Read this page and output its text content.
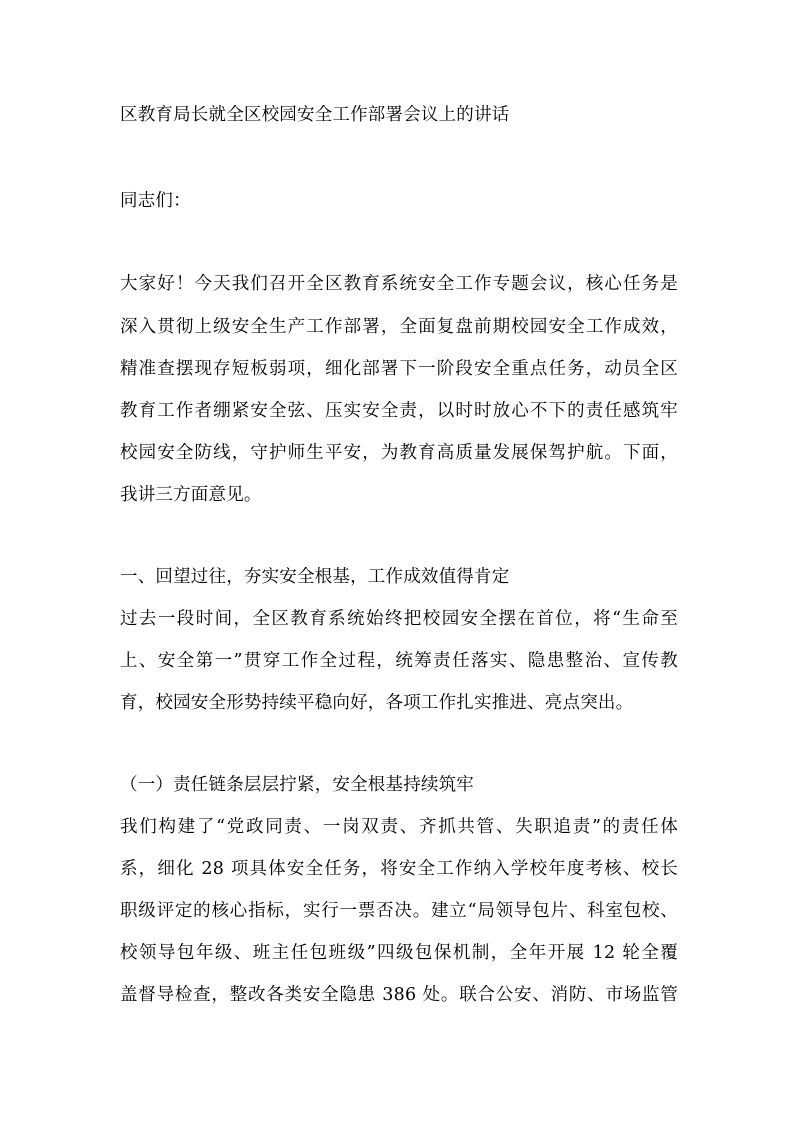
区教育局长就全区校园安全工作部署会议上的讲话

同志们：

大家好！今天我们召开全区教育系统安全工作专题会议，核心任务是

深入贯彻上级安全生产工作部署，全面复盘前期校园安全工作成效，

精准查摆现存短板弱项，细化部署下一阶段安全重点任务，动员全区

教育工作者绷紧安全弦、压实安全责，以时时放心不下的责任感筑牢

校园安全防线，守护师生平安，为教育高质量发展保驾护航。下面，

我讲三方面意见。

一、回望过往，夯实安全根基，工作成效值得肯定

过去一段时间，全区教育系统始终把校园安全摆在首位，将“生命至

上、安全第一”贯穿工作全过程，统筹责任落实、隐患整治、宣传教

育，校园安全形势持续平稳向好，各项工作扎实推进、亮点突出。

（一）责任链条层层拧紧，安全根基持续筑牢

我们构建了“党政同责、一岗双责、齐抓共管、失职追责”的责任体

系，细化 28 项具体安全任务，将安全工作纳入学校年度考核、校长

职级评定的核心指标，实行一票否决。建立“局领导包片、科室包校、

校领导包年级、班主任包班级”四级包保机制，全年开展 12 轮全覆

盖督导检查，整改各类安全隐患 386 处。联合公安、消防、市场监管
